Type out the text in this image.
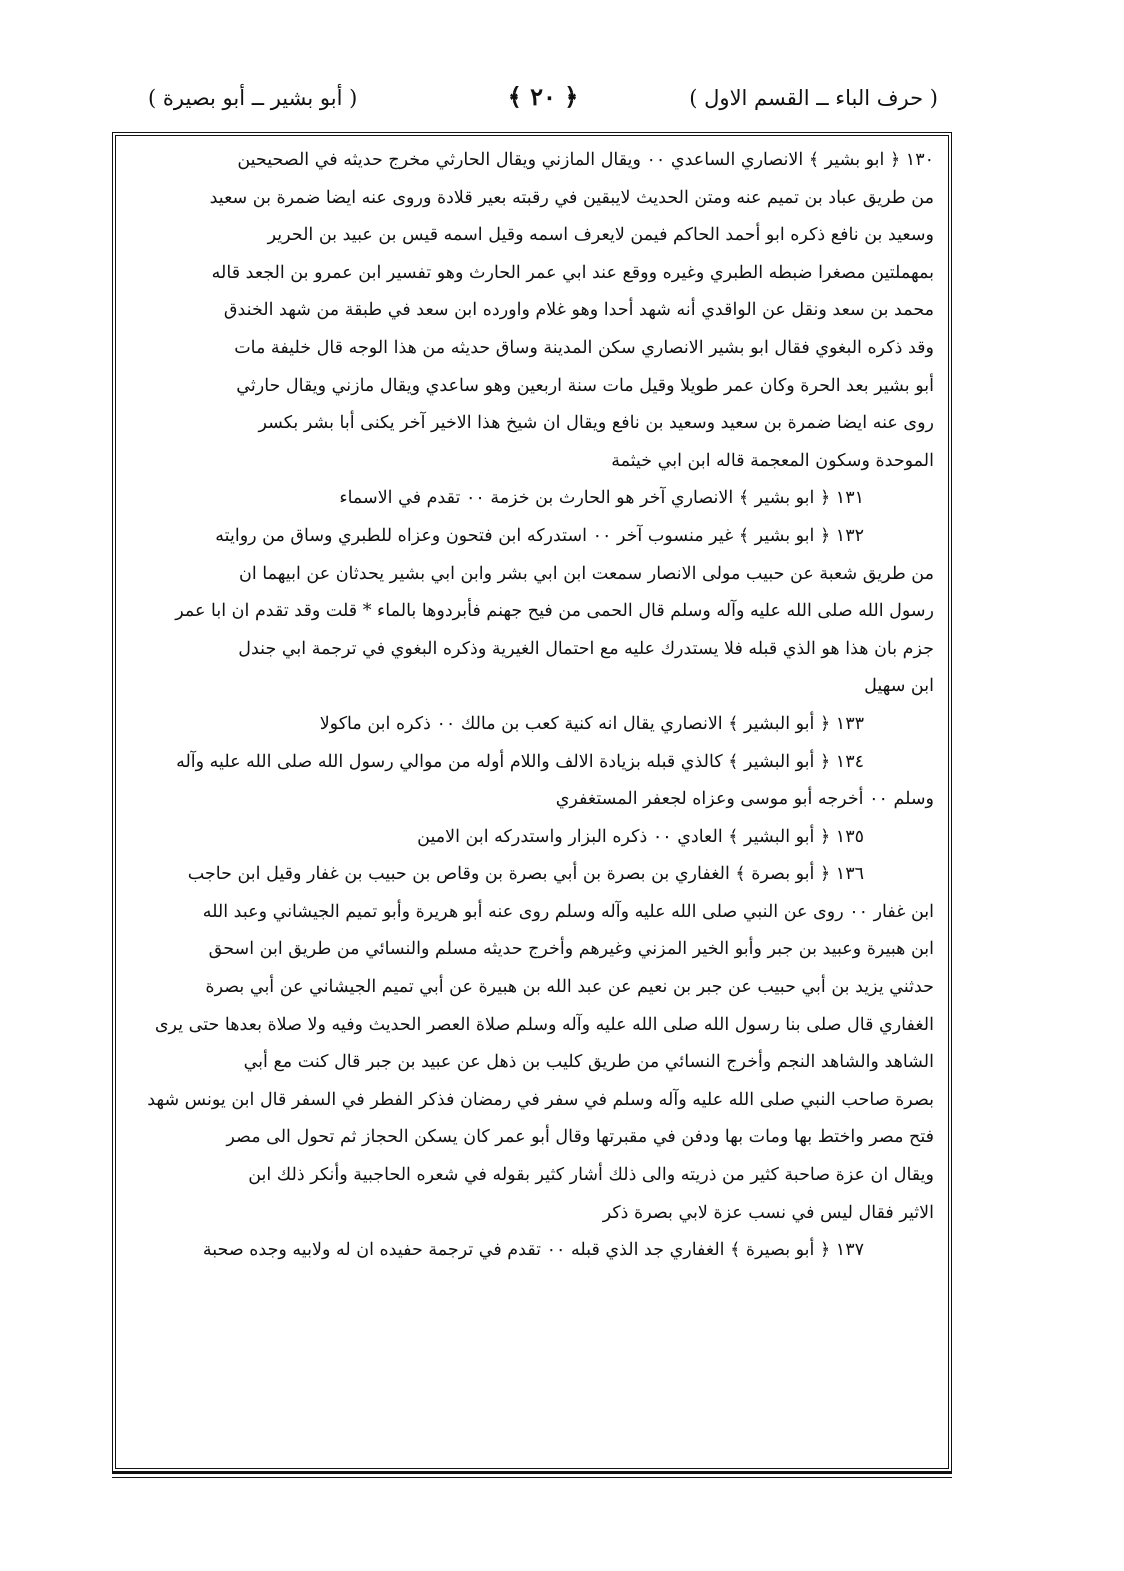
( حرف الباء ــ القسم الاول )
﴿ ٢٠ ﴾
( أبو بشير ــ أبو بصيرة )
١٣٠ ﴿ ابو بشير ﴾ الانصاري الساعدي ٠٠ ويقال المازني ويقال الحارثي مخرج حديثه في الصحيحين
من طريق عباد بن تميم عنه ومتن الحديث لايبقين في رقبته بعير قلادة وروى عنه ايضا ضمرة بن سعيد
وسعيد بن نافع ذكره ابو أحمد الحاكم فيمن لايعرف اسمه وقيل اسمه قيس بن عبيد بن الحرير
بمهملتين مصغرا ضبطه الطبري وغيره ووقع عند ابي عمر الحارث وهو تفسير ابن عمرو بن الجعد قاله
محمد بن سعد ونقل عن الواقدي أنه شهد أحدا وهو غلام واورده ابن سعد في طبقة من شهد الخندق
وقد ذكره البغوي فقال ابو بشير الانصاري سكن المدينة وساق حديثه من هذا الوجه قال خليفة مات
أبو بشير بعد الحرة وكان عمر طويلا وقيل مات سنة اربعين وهو ساعدي ويقال مازني ويقال حارثي
روى عنه ايضا ضمرة بن سعيد وسعيد بن نافع ويقال ان شيخ هذا الاخير آخر يكنى أبا بشر بكسر
الموحدة وسكون المعجمة قاله ابن ابي خيثمة
١٣١ ﴿ ابو بشير ﴾ الانصاري آخر هو الحارث بن خزمة ٠٠ تقدم في الاسماء
١٣٢ ﴿ ابو بشير ﴾ غير منسوب آخر ٠٠ استدركه ابن فتحون وعزاه للطبري وساق من روايته
من طريق شعبة عن حبيب مولى الانصار سمعت ابن ابي بشر وابن ابي بشير يحدثان عن ابيهما ان
رسول الله صلى الله عليه وآله وسلم قال الحمى من فيح جهنم فأبردوها بالماء * قلت وقد تقدم ان ابا عمر
جزم بان هذا هو الذي قبله فلا يستدرك عليه مع احتمال الغيرية وذكره البغوي في ترجمة ابي جندل
ابن سهيل
١٣٣ ﴿ أبو البشير ﴾ الانصاري يقال انه كنية كعب بن مالك ٠٠ ذكره ابن ماكولا
١٣٤ ﴿ أبو البشير ﴾ كالذي قبله بزيادة الالف واللام أوله من موالي رسول الله صلى الله عليه وآله
وسلم ٠٠ أخرجه أبو موسى وعزاه لجعفر المستغفري
١٣٥ ﴿ أبو البشير ﴾ العادي ٠٠ ذكره البزار واستدركه ابن الامين
١٣٦ ﴿ أبو بصرة ﴾ الغفاري بن بصرة بن أبي بصرة بن وقاص بن حبيب بن غفار وقيل ابن حاجب
ابن غفار ٠٠ روى عن النبي صلى الله عليه وآله وسلم روى عنه أبو هريرة وأبو تميم الجيشاني وعبد الله
ابن هبيرة وعبيد بن جبر وأبو الخير المزني وغيرهم وأخرج حديثه مسلم والنسائي من طريق ابن اسحق
حدثني يزيد بن أبي حبيب عن جبر بن نعيم عن عبد الله بن هبيرة عن أبي تميم الجيشاني عن أبي بصرة
الغفاري قال صلى بنا رسول الله صلى الله عليه وآله وسلم صلاة العصر الحديث وفيه ولا صلاة بعدها حتى يرى
الشاهد والشاهد النجم وأخرج النسائي من طريق كليب بن ذهل عن عبيد بن جبر قال كنت مع أبي
بصرة صاحب النبي صلى الله عليه وآله وسلم في سفر في رمضان فذكر الفطر في السفر قال ابن يونس شهد
فتح مصر واختط بها ومات بها ودفن في مقبرتها وقال أبو عمر كان يسكن الحجاز ثم تحول الى مصر
ويقال ان عزة صاحبة كثير من ذريته والى ذلك أشار كثير بقوله في شعره الحاجبية وأنكر ذلك ابن
الاثير فقال ليس في نسب عزة لابي بصرة ذكر
١٣٧ ﴿ أبو بصيرة ﴾ الغفاري جد الذي قبله ٠٠ تقدم في ترجمة حفيده ان له ولابيه وجده صحبة
